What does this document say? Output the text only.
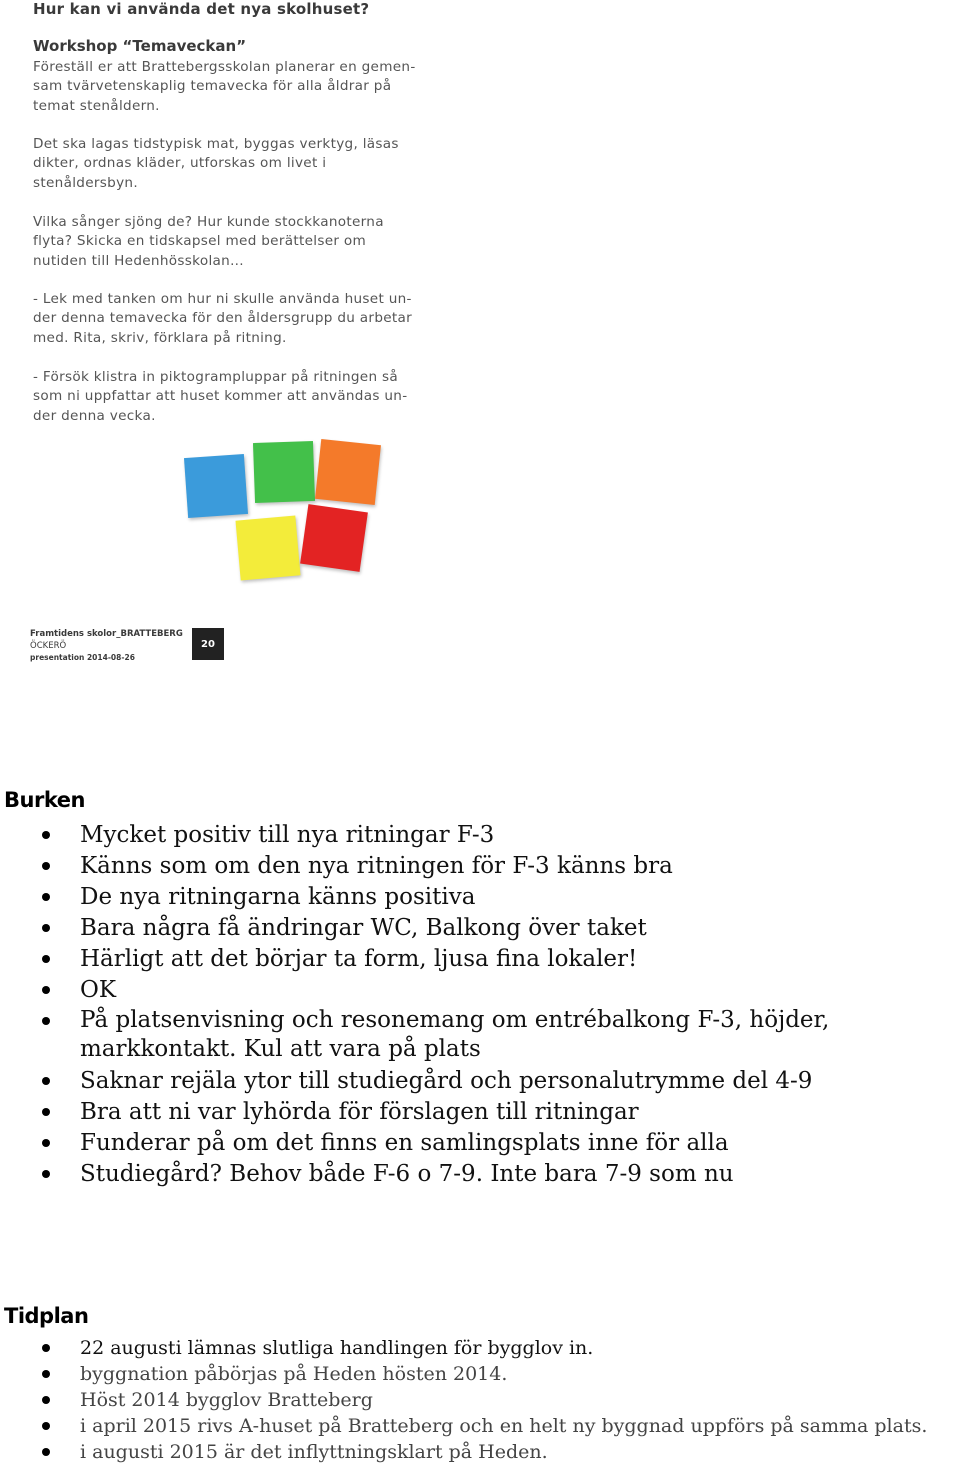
Hur kan vi använda det nya skolhuset?
Workshop “Temaveckan”
Föreställ er att Brattebergsskolan planerar en gemen-
sam tvärvetenskaplig temavecka för alla åldrar på
temat stenåldern.
Det ska lagas tidstypisk mat, byggas verktyg, läsas
dikter, ordnas kläder, utforskas om livet i
stenåldersbyn.
Vilka sånger sjöng de? Hur kunde stockkanoterna
flyta? Skicka en tidskapsel med berättelser om
nutiden till Hedenhösskolan...
- Lek med tanken om hur ni skulle använda huset un-
der denna temavecka för den åldersgrupp du arbetar
med. Rita, skriv, förklara på ritning.
- Försök klistra in piktogrampluppar på ritningen så
som ni uppfattar att huset kommer att användas un-
der denna vecka.
Framtidens skolor_BRATTEBERG
ÖCKERÖ
presentation 2014-08-26
20
Burken
Mycket positiv till nya ritningar F-3
Känns som om den nya ritningen för F-3 känns bra
De nya ritningarna känns positiva
Bara några få ändringar WC, Balkong över taket
Härligt att det börjar ta form, ljusa fina lokaler!
OK
På platsenvisning och resonemang om entrébalkong F-3, höjder, markkontakt. Kul att vara på plats
Saknar rejäla ytor till studiegård och personalutrymme del 4-9
Bra att ni var lyhörda för förslagen till ritningar
Funderar på om det finns en samlingsplats inne för alla
Studiegård? Behov både F-6 o 7-9. Inte bara 7-9 som nu
Tidplan
22 augusti lämnas slutliga handlingen för bygglov in.
byggnation påbörjas på Heden hösten 2014.
Höst 2014 bygglov Bratteberg
i april 2015 rivs A-huset på Bratteberg och en helt ny byggnad uppförs på samma plats.
i augusti 2015 är det inflyttningsklart på Heden.
